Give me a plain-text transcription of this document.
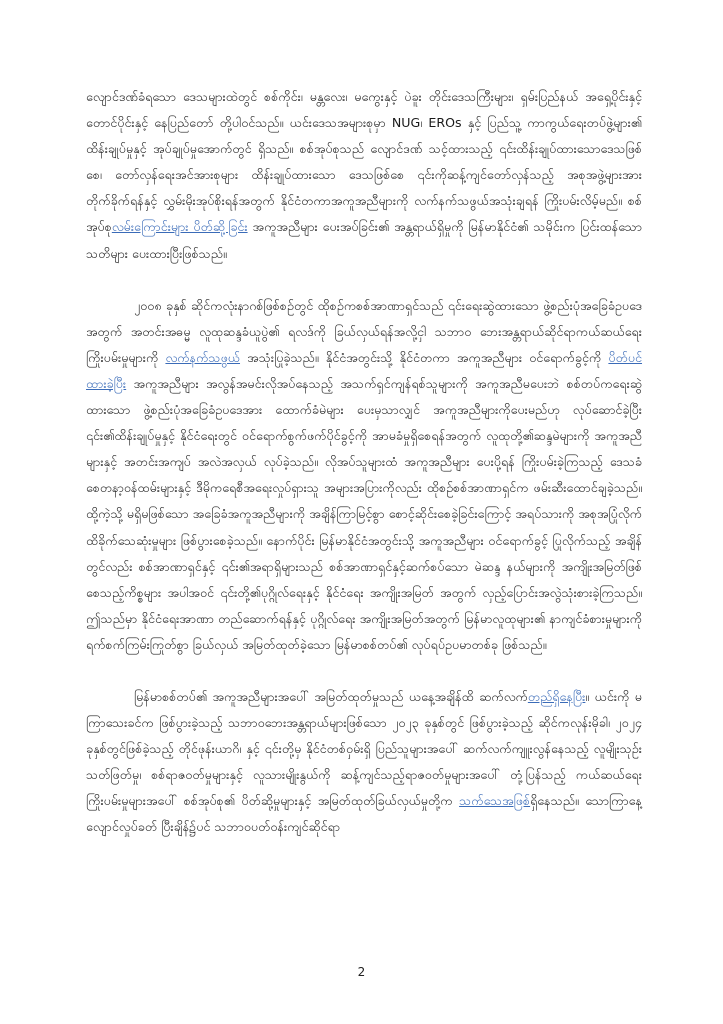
လျောင်ဒဏ်ခံရသော ဒေသများထဲတွင် စစ်ကိုင်း၊ မန္တလေး၊ မကွေးနှင့် ပဲခူး တိုင်းဒေသကြီးများ၊ ရှမ်းပြည်နယ် အရှေ့ပိုင်းနှင့်တောင်ပိုင်းနှင့် နေပြည်တော် တို့ပါဝင်သည်။ ယင်းဒေသအများစုမှာ NUG၊ EROs နှင့် ပြည်သူ့ ကာကွယ်ရေးတပ်ဖွဲ့များ၏ ထိန်းချုပ်မှုနှင့် အုပ်ချုပ်မှုအောက်တွင် ရှိသည်။ စစ်အုပ်စုသည် လျောင်ဒဏ် သင့်ထားသည့် ၎င်းထိန်းချုပ်ထားသောဒေသဖြစ်စေ၊ တော်လှန်ရေးအင်အားစုများ ထိန်းချုပ်ထားသော ဒေသဖြစ်စေ ၎င်းကိုဆန့်ကျင်တော်လှန်သည့် အစုအဖွဲ့များအား တိုက်ခိုက်ရန်နှင့် လွှမ်းမိုးအုပ်စိုးရန်အတွက် နိုင်ငံတကာအကူအညီများကို လက်နက်သဖွယ်အသုံးချရန် ကြိုးပမ်းလိမ့်မည်။ စစ်အုပ်စုလမ်းကြောင်းများ ပိတ်ဆို့ခြင်း အကူအညီများ ပေးအပ်ခြင်း၏ အန္တရာယ်ရှိမှုကို မြန်မာနိုင်ငံ၏ သမိုင်းက ပြင်းထန်သော သတိများ ပေးထားပြီးဖြစ်သည်။

၂၀၀၈ ခုနှစ် ဆိုင်ကလုံးနာဂစ်ဖြစ်စဉ်တွင် ထိုစဉ်ကစစ်အာဏာရှင်သည် ၎င်းရေးဆွဲထားသော ဖွဲ့စည်းပုံအခြေခံဥပဒေအတွက် အတင်းအဓမ္မ လူထုဆန္ဒခံယူပွဲ၏ ရလဒ်ကို ခြယ်လှယ်ရန်အလို့ငှါ သဘာဝ ဘေးအန္တရာယ်ဆိုင်ရာကယ်ဆယ်ရေး ကြိုးပမ်းမှုများကို လက်နက်သဖွယ် အသုံးပြုခဲ့သည်။ နိုင်ငံအတွင်းသို့ နိုင်ငံတကာ အကူအညီများ ဝင်ရောက်ခွင့်ကို ပိတ်ပင်ထားခဲ့ပြီး အကူအညီများ အလွန်အမင်းလိုအပ်နေသည့် အသက်ရှင်ကျန်ရစ်သူများကို အကူအညီမပေးဘဲ စစ်တပ်ကရေးဆွဲထားသော ဖွဲ့စည်းပုံအခြေခံဥပဒေအား ထောက်ခံမဲများ ပေးမှသာလျှင် အကူအညီများကိုပေးမည်ဟု လုပ်ဆောင်ခဲ့ပြီး ၎င်း၏ထိန်းချုပ်မှုနှင့် နိုင်ငံရေးတွင် ဝင်ရောက်စွက်ဖက်ပိုင်ခွင့်ကို အာမခံမှုရှိစေရန်အတွက် လူထုတို့၏ဆန္ဒမဲများကို အကူအညီများနှင့် အတင်းအကျပ် အလဲအလှယ် လုပ်ခဲ့သည်။ လိုအပ်သူများထံ အကူအညီများ ပေးပို့ရန် ကြိုးပမ်းခဲ့ကြသည့် ဒေသခံစေတနာ့ဝန်ထမ်းများနှင့် ဒီမိုကရေစီအရေးလှုပ်ရှားသူ အများအပြားကိုလည်း ထိုစဉ်စစ်အာဏာရှင်က ဖမ်းဆီးထောင်ချခဲ့သည်။ ထို့ကဲ့သို့ မရှိမဖြစ်သော အခြေခံအကူအညီများကို အချိန်ကြာမြင့်စွာ စောင့်ဆိုင်းစေခဲ့ခြင်းကြောင့် အရပ်သားကို အစုအပြုံလိုက် ထိခိုက်သေဆုံးမှုများ ဖြစ်ပွားစေခဲ့သည်။ နောက်ပိုင်း မြန်မာနိုင်ငံအတွင်းသို့ အကူအညီများ ဝင်ရောက်ခွင့် ပြုလိုက်သည့် အချိန်တွင်လည်း စစ်အာဏာရှင်နှင့် ၎င်း၏အရာရှိများသည် စစ်အာဏာရှင်နှင့်ဆက်စပ်သော မဲဆန္ဒ နယ်များကို အကျိုးအမြတ်ဖြစ်စေသည့်ကိစ္စများ အပါအဝင် ၎င်းတို့၏ပုဂ္ဂိုလ်ရေးနှင့် နိုင်ငံရေး အကျိုးအမြတ် အတွက် လှည့်ပြောင်းအလွဲသုံးစားခဲ့ကြသည်။ ဤသည်မှာ နိုင်ငံရေးအာဏာ တည်ဆောက်ရန်နှင့် ပုဂ္ဂိုလ်ရေး အကျိုးအမြတ်အတွက် မြန်မာလူထုများ၏ နာကျင်ခံစားမှုများကို ရက်စက်ကြမ်းကြုတ်စွာ ခြယ်လှယ် အမြတ်ထုတ်ခဲ့သော မြန်မာစစ်တပ်၏ လုပ်ရပ်ဥပမာတစ်ခု ဖြစ်သည်။

မြန်မာစစ်တပ်၏ အကူအညီများအပေါ် အမြတ်ထုတ်မှုသည် ယနေ့အချိန်ထိ ဆက်လက်တည်ရှိနေပြီး။ ယင်းကို မကြာသေးခင်က ဖြစ်ပွားခဲ့သည့် သဘာဝဘေးအန္တရာယ်များဖြစ်သော ၂၀၂၃ ခုနှစ်တွင် ဖြစ်ပွားခဲ့သည့် ဆိုင်ကလုန်းမိုခါ၊ ၂၀၂၄ ခုနှစ်တွင်ဖြစ်ခဲ့သည့် တိုင်ဖုန်းယာဂိ၊ နှင့် ၎င်းတို့မှ နိုင်ငံတစ်ဝှမ်းရှိ ပြည်သူများအပေါ် ဆက်လက်ကျူးလွန်နေသည့် လူမျိုးသုဉ်းသတ်ဖြတ်မှု၊ စစ်ရာဇဝတ်မှုများနှင့် လူသားမျိုးနွယ်ကို ဆန့်ကျင်သည့်ရာဇဝတ်မှုများအပေါ် တုံ့ပြန်သည့် ကယ်ဆယ်ရေးကြိုးပမ်းမှုများအပေါ် စစ်အုပ်စု၏ ပိတ်ဆို့မှုများနှင့် အမြတ်ထုတ်ခြယ်လှယ်မှုတို့က သက်သေအဖြစ်ရှိနေသည်။ သောကြာနေ့ လျောင်လှုပ်ခတ် ပြီးချိန်၌ပင် သဘာဝပတ်ဝန်းကျင်ဆိုင်ရာ

2
